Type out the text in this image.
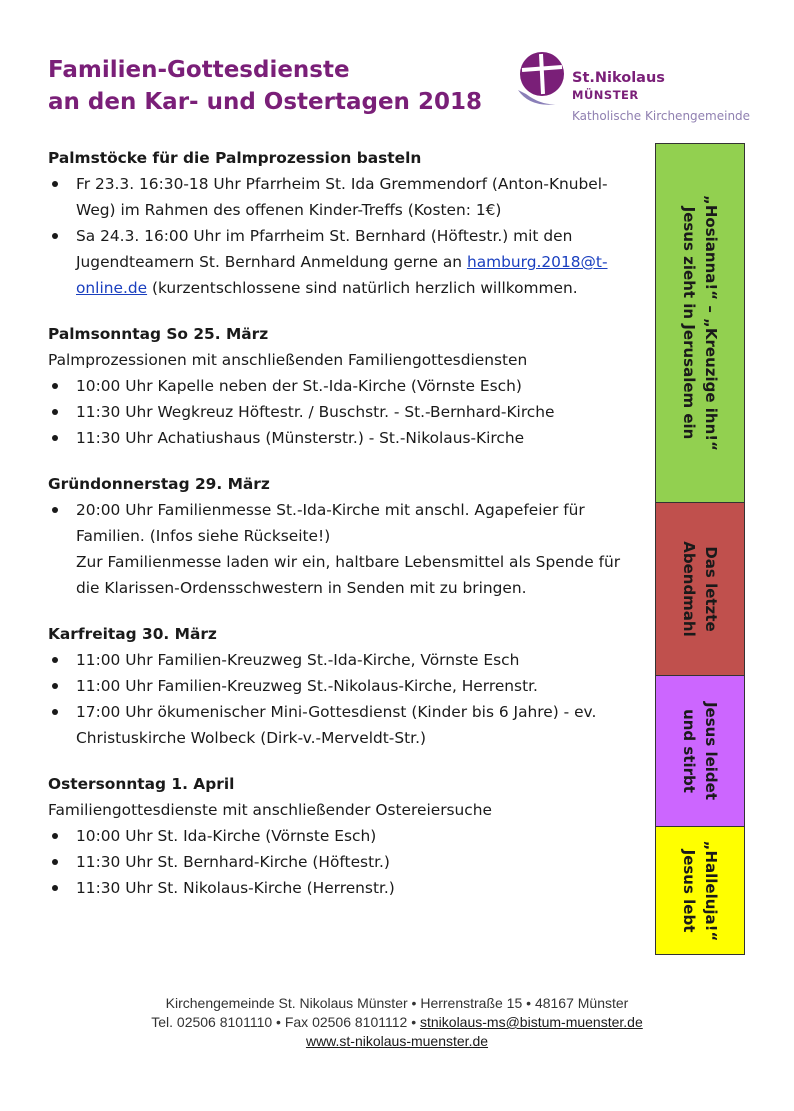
Familien-Gottesdienste
an den Kar- und Ostertagen 2018
St.Nikolaus
MÜNSTER
Katholische Kirchengemeinde

Palmstöcke für die Palmprozession basteln

Fr 23.3. 16:30-18 Uhr Pfarrheim St. Ida Gremmendorf (Anton-Knubel-Weg) im Rahmen des offenen Kinder-Treffs (Kosten: 1€)
Sa 24.3. 16:00 Uhr im Pfarrheim St. Bernhard (Höftestr.) mit den Jugendteamern St. Bernhard Anmeldung gerne an hamburg.2018@t-online.de (kurzentschlossene sind natürlich herzlich willkommen.

Palmsonntag So 25. März

Palmprozessionen mit anschließenden Familiengottesdiensten

10:00 Uhr Kapelle neben der St.-Ida-Kirche (Vörnste Esch)
11:30 Uhr Wegkreuz Höftestr. / Buschstr. - St.-Bernhard-Kirche
11:30 Uhr Achatiushaus (Münsterstr.) - St.-Nikolaus-Kirche

Gründonnerstag 29. März

20:00 Uhr Familienmesse St.-Ida-Kirche mit anschl. Agapefeier für Familien. (Infos siehe Rückseite!)
Zur Familienmesse laden wir ein, haltbare Lebensmittel als Spende für die Klarissen-Ordensschwestern in Senden mit zu bringen.

Karfreitag 30. März

11:00 Uhr Familien-Kreuzweg St.-Ida-Kirche, Vörnste Esch
11:00 Uhr Familien-Kreuzweg St.-Nikolaus-Kirche, Herrenstr.
17:00 Uhr ökumenischer Mini-Gottesdienst (Kinder bis 6 Jahre) - ev. Christuskirche Wolbeck (Dirk-v.-Merveldt-Str.)

Ostersonntag 1. April

Familiengottesdienste mit anschließender Ostereiersuche

10:00 Uhr St. Ida-Kirche (Vörnste Esch)
11:30 Uhr St. Bernhard-Kirche (Höftestr.)
11:30 Uhr St. Nikolaus-Kirche (Herrenstr.)
„Hosianna!“ – „Kreuzige ihn!“
Jesus zieht in Jerusalem ein
Das letzte
Abendmahl
Jesus leidet
und stirbt
„Halleluja!“
Jesus lebt
Kirchengemeinde St. Nikolaus Münster • Herrenstraße 15 • 48167 Münster
Tel. 02506 8101110 • Fax 02506 8101112 • stnikolaus-ms@bistum-muenster.de
www.st-nikolaus-muenster.de
